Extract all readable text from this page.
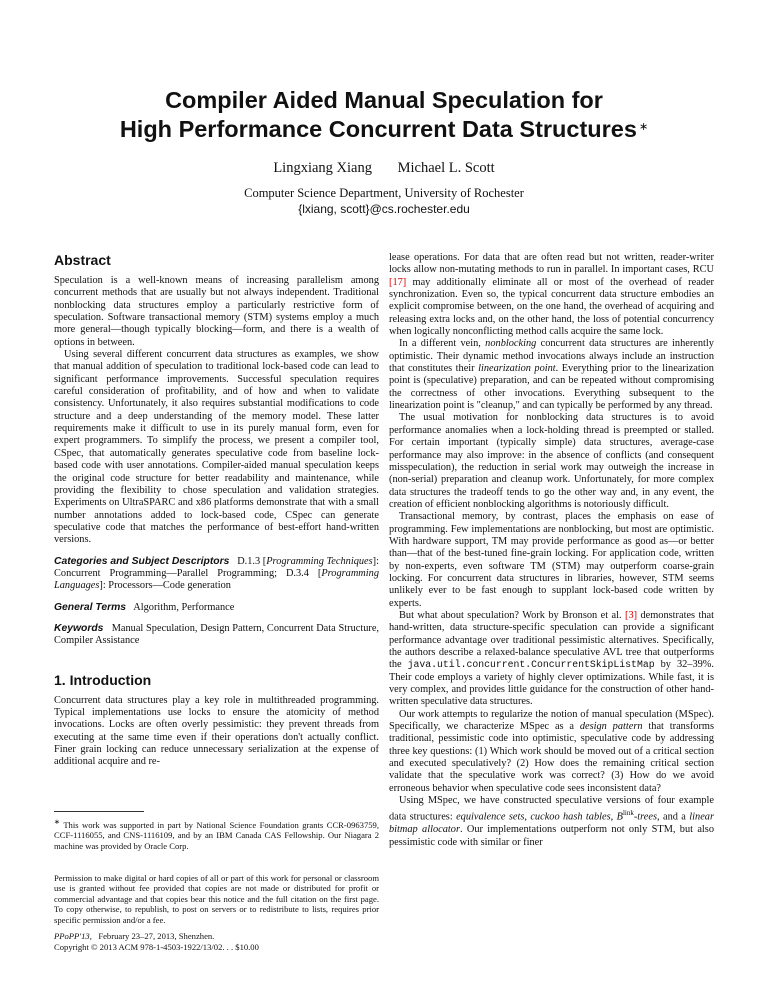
Compiler Aided Manual Speculation for
High Performance Concurrent Data Structures ∗
Lingxiang Xiang Michael L. Scott
Computer Science Department, University of Rochester
{lxiang, scott}@cs.rochester.edu
Abstract

Speculation is a well-known means of increasing parallelism among concurrent methods that are usually but not always independent. Traditional nonblocking data structures employ a particularly restrictive form of speculation. Software transactional memory (STM) systems employ a much more general—though typically blocking—form, and there is a wealth of options in between.

Using several different concurrent data structures as examples, we show that manual addition of speculation to traditional lock-based code can lead to significant performance improvements. Successful speculation requires careful consideration of profitability, and of how and when to validate consistency. Unfortunately, it also requires substantial modifications to code structure and a deep understanding of the memory model. These latter requirements make it difficult to use in its purely manual form, even for expert programmers. To simplify the process, we present a compiler tool, CSpec, that automatically generates speculative code from baseline lock-based code with user annotations. Compiler-aided manual speculation keeps the original code structure for better readability and maintenance, while providing the flexibility to chose speculation and validation strategies. Experiments on UltraSPARC and x86 platforms demonstrate that with a small number annotations added to lock-based code, CSpec can generate speculative code that matches the performance of best-effort hand-written versions.

Categories and Subject Descriptors D.1.3 [Programming Techniques]: Concurrent Programming—Parallel Programming; D.3.4 [Programming Languages]: Processors—Code generation

General Terms Algorithm, Performance

Keywords Manual Speculation, Design Pattern, Concurrent Data Structure, Compiler Assistance

1. Introduction

Concurrent data structures play a key role in multithreaded programming. Typical implementations use locks to ensure the atomicity of method invocations. Locks are often overly pessimistic: they prevent threads from executing at the same time even if their operations don't actually conflict. Finer grain locking can reduce unnecessary serialization at the expense of additional acquire and re-

∗ This work was supported in part by National Science Foundation grants CCR-0963759, CCF-1116055, and CNS-1116109, and by an IBM Canada CAS Fellowship. Our Niagara 2 machine was provided by Oracle Corp.

Permission to make digital or hard copies of all or part of this work for personal or classroom use is granted without fee provided that copies are not made or distributed for profit or commercial advantage and that copies bear this notice and the full citation on the first page. To copy otherwise, to republish, to post on servers or to redistribute to lists, requires prior specific permission and/or a fee.

PPoPP'13, February 23–27, 2013, Shenzhen.

Copyright © 2013 ACM 978-1-4503-1922/13/02. . . $10.00

lease operations. For data that are often read but not written, reader-writer locks allow non-mutating methods to run in parallel. In important cases, RCU [17] may additionally eliminate all or most of the overhead of reader synchronization. Even so, the typical concurrent data structure embodies an explicit compromise between, on the one hand, the overhead of acquiring and releasing extra locks and, on the other hand, the loss of potential concurrency when logically nonconflicting method calls acquire the same lock.

In a different vein, nonblocking concurrent data structures are inherently optimistic. Their dynamic method invocations always include an instruction that constitutes their linearization point. Everything prior to the linearization point is (speculative) preparation, and can be repeated without compromising the correctness of other invocations. Everything subsequent to the linearization point is "cleanup," and can typically be performed by any thread.

The usual motivation for nonblocking data structures is to avoid performance anomalies when a lock-holding thread is preempted or stalled. For certain important (typically simple) data structures, average-case performance may also improve: in the absence of conflicts (and consequent misspeculation), the reduction in serial work may outweigh the increase in (non-serial) preparation and cleanup work. Unfortunately, for more complex data structures the tradeoff tends to go the other way and, in any event, the creation of efficient nonblocking algorithms is notoriously difficult.

Transactional memory, by contrast, places the emphasis on ease of programming. Few implementations are nonblocking, but most are optimistic. With hardware support, TM may provide performance as good as—or better than—that of the best-tuned fine-grain locking. For application code, written by non-experts, even software TM (STM) may outperform coarse-grain locking. For concurrent data structures in libraries, however, STM seems unlikely ever to be fast enough to supplant lock-based code written by experts.

But what about speculation? Work by Bronson et al. [3] demonstrates that hand-written, data structure-specific speculation can provide a significant performance advantage over traditional pessimistic alternatives. Specifically, the authors describe a relaxed-balance speculative AVL tree that outperforms the java.util.concurrent.ConcurrentSkipListMap by 32–39%. Their code employs a variety of highly clever optimizations. While fast, it is very complex, and provides little guidance for the construction of other hand-written speculative data structures.

Our work attempts to regularize the notion of manual speculation (MSpec). Specifically, we characterize MSpec as a design pattern that transforms traditional, pessimistic code into optimistic, speculative code by addressing three key questions: (1) Which work should be moved out of a critical section and executed speculatively? (2) How does the remaining critical section validate that the speculative work was correct? (3) How do we avoid erroneous behavior when speculative code sees inconsistent data?

Using MSpec, we have constructed speculative versions of four example data structures: equivalence sets, cuckoo hash tables, $B^{link}$-trees, and a linear bitmap allocator. Our implementations outperform not only STM, but also pessimistic code with similar or finer
